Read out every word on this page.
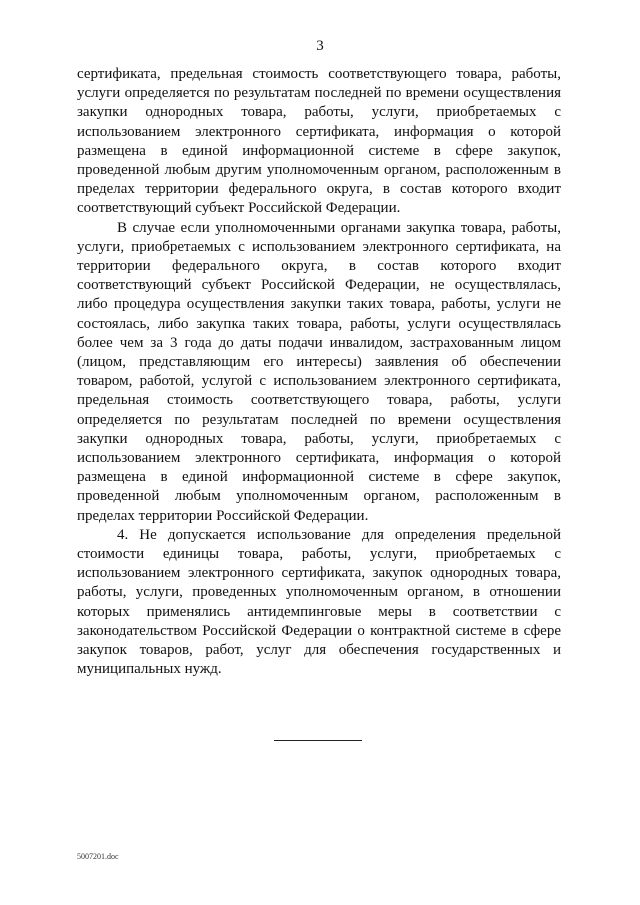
3

сертификата, предельная стоимость соответствующего товара, работы, услуги определяется по результатам последней по времени осуществления закупки однородных товара, работы, услуги, приобретаемых с использованием электронного сертификата, информация о которой размещена в единой информационной системе в сфере закупок, проведенной любым другим уполномоченным органом, расположенным в пределах территории федерального округа, в состав которого входит соответствующий субъект Российской Федерации.

В случае если уполномоченными органами закупка товара, работы, услуги, приобретаемых с использованием электронного сертификата, на территории федерального округа, в состав которого входит соответствующий субъект Российской Федерации, не осуществлялась, либо процедура осуществления закупки таких товара, работы, услуги не состоялась, либо закупка таких товара, работы, услуги осуществлялась более чем за 3 года до даты подачи инвалидом, застрахованным лицом (лицом, представляющим его интересы) заявления об обеспечении товаром, работой, услугой с использованием электронного сертификата, предельная стоимость соответствующего товара, работы, услуги определяется по результатам последней по времени осуществления закупки однородных товара, работы, услуги, приобретаемых с использованием электронного сертификата, информация о которой размещена в единой информационной системе в сфере закупок, проведенной любым уполномоченным органом, расположенным в пределах территории Российской Федерации.

4. Не допускается использование для определения предельной стоимости единицы товара, работы, услуги, приобретаемых с использованием электронного сертификата, закупок однородных товара, работы, услуги, проведенных уполномоченным органом, в отношении которых применялись антидемпинговые меры в соответствии с законодательством Российской Федерации о контрактной системе в сфере закупок товаров, работ, услуг для обеспечения государственных и муниципальных нужд.

5007201.doc
